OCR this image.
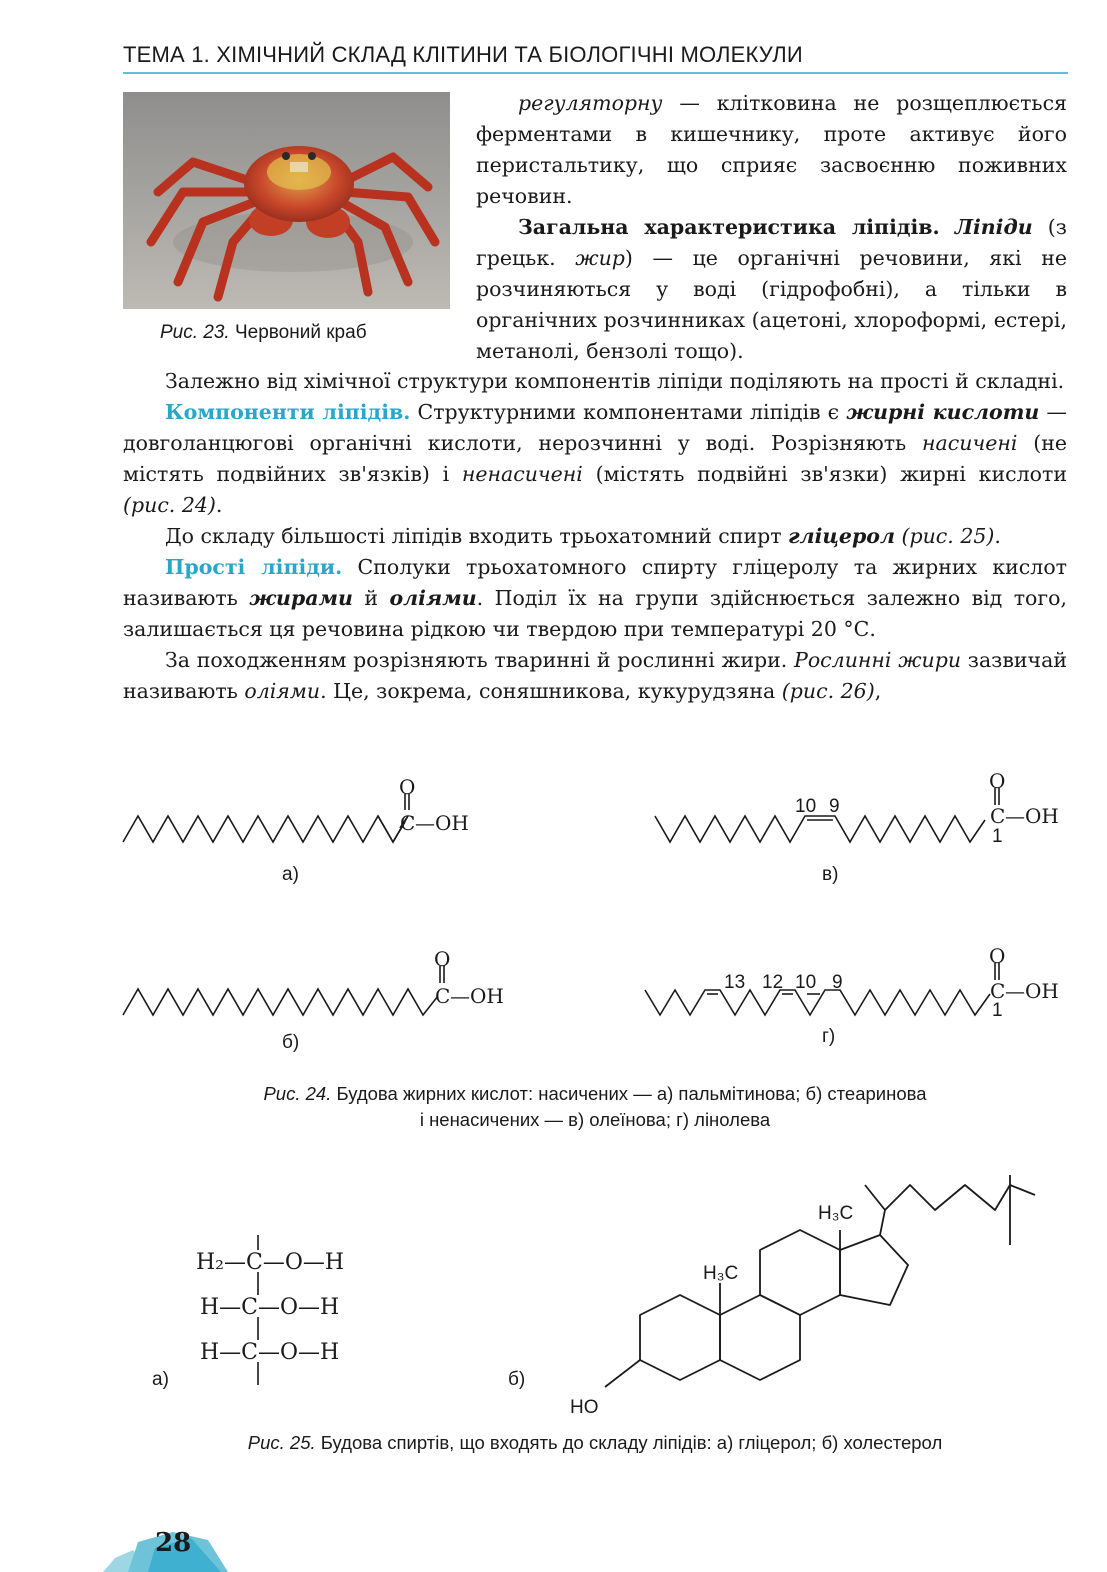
ТЕМА 1. ХІМІЧНИЙ СКЛАД КЛІТИНИ ТА БІОЛОГІЧНІ МОЛЕКУЛИ
Рис. 23. Червоний краб
регуляторну — клітковина не розщеплюється ферментами в кишечнику, проте активує його перистальтику, що сприяє засвоєнню поживних речовин.
Загальна характеристика ліпідів. Ліпіди (з грецьк. жир) — це органічні речовини, які не розчиняються у воді (гідрофобні), а тільки в органічних розчинниках (ацетоні, хлороформі, естері, метанолі, бензолі тощо).
Залежно від хімічної структури компонентів ліпіди поділяють на прості й складні.
Компоненти ліпідів. Структурними компонентами ліпідів є жирні кислоти — довголанцюгові органічні кислоти, нерозчинні у воді. Розрізняють насичені (не містять подвійних зв'язків) і ненасичені (містять подвійні зв'язки) жирні кислоти (рис. 24).
До складу більшості ліпідів входить трьохатомний спирт гліцерол (рис. 25).
Прості ліпіди. Сполуки трьохатомного спирту гліцеролу та жирних кислот називають жирами й оліями. Поділ їх на групи здійснюється залежно від того, залишається ця речовина рідкою чи твердою при температурі 20 °С.
За походженням розрізняють тваринні й рослинні жири. Рослинні жири зазвичай називають оліями. Це, зокрема, соняшникова, кукурудзяна (рис. 26),
O
C —OH
O
C —OH
O
C —OH
O
C —OH
10 9
1
13 12 10 9
1
а)
б)
в)
г)
Рис. 24. Будова жирних кислот: насичених — а) пальмітинова; б) стеаринова
і ненасичених — в) олеїнова; г) лінолева
H₂—C—O—H
H—C—O—H
H—C—O—H
а)	б)
H₃C
H₃C
HO
Рис. 25. Будова спиртів, що входять до складу ліпідів: а) гліцерол; б) холестерол
28
